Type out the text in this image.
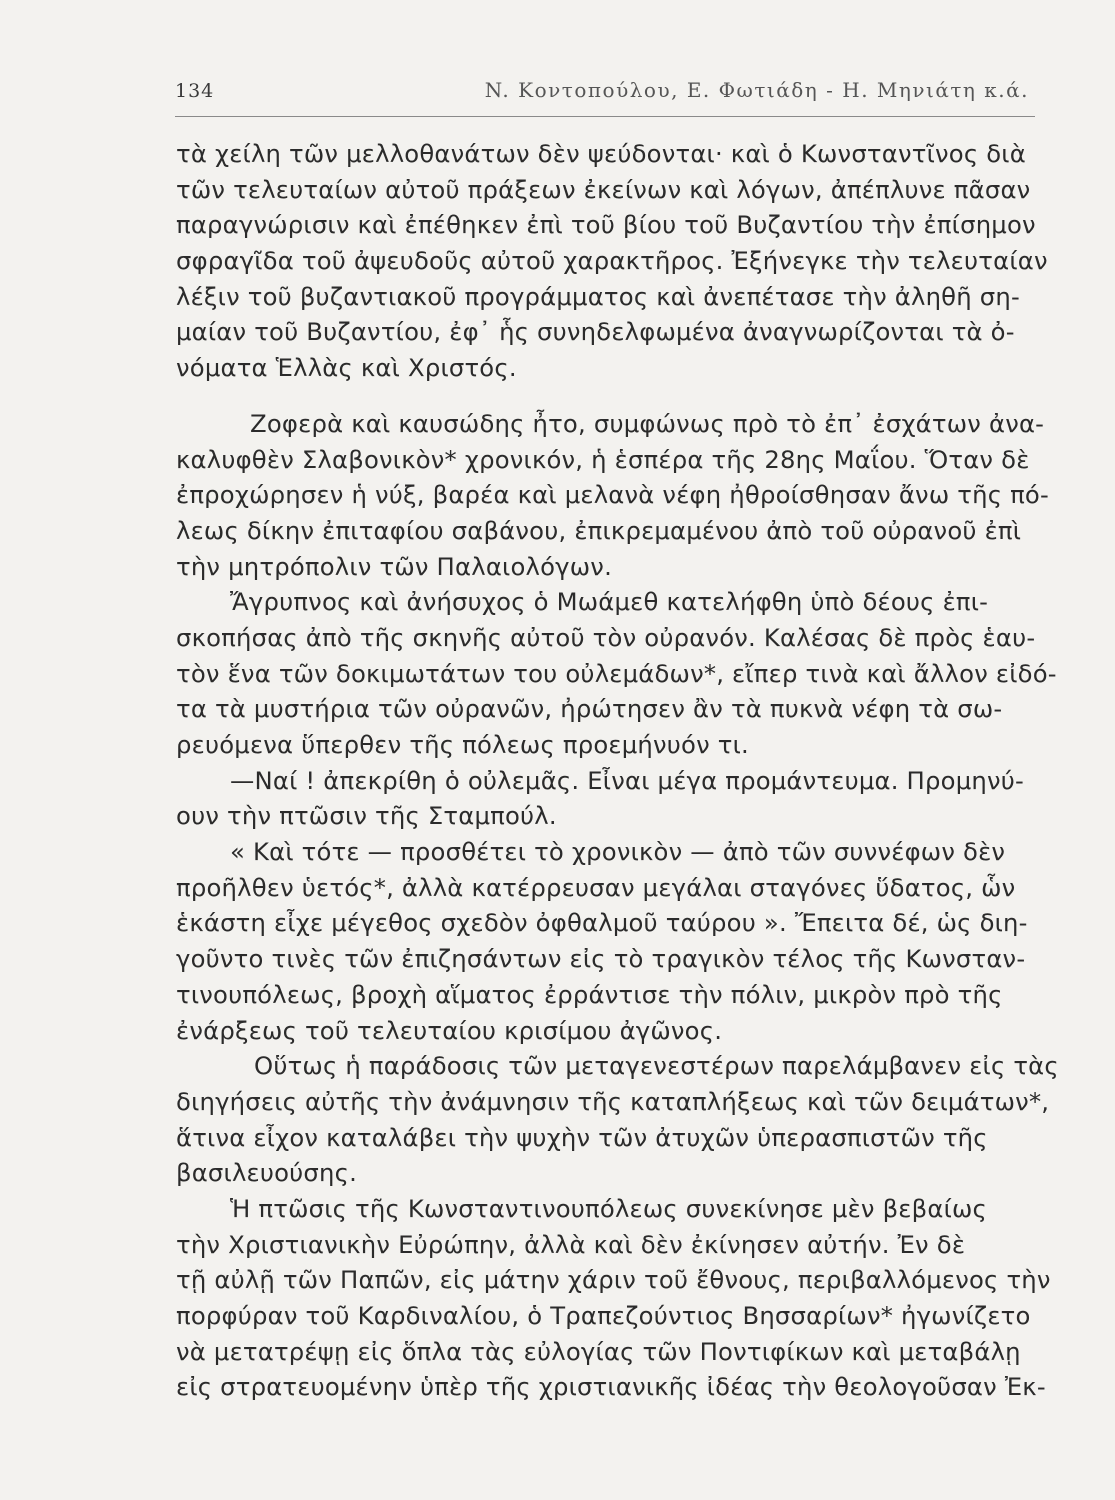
134	N. Κοντοπούλου, Ε. Φωτιάδη - Η. Μηνιάτη κ.ά.
τὰ χείλη τῶν μελλοθανάτων δὲν ψεύδονται· καὶ ὁ Κωνσταντῖνος διὰ
τῶν τελευταίων αὐτοῦ πράξεων ἐκείνων καὶ λόγων, ἀπέπλυνε πᾶσαν
παραγνώρισιν καὶ ἐπέθηκεν ἐπὶ τοῦ βίου τοῦ Βυζαντίου τὴν ἐπίσημον
σφραγῖδα τοῦ ἀψευδοῦς αὐτοῦ χαρακτῆρος. Ἐξήνεγκε τὴν τελευταίαν
λέξιν τοῦ βυζαντιακοῦ προγράμματος καὶ ἀνεπέτασε τὴν ἀληθῆ ση-
μαίαν τοῦ Βυζαντίου, ἐφ᾽ ἧς συνηδελφωμένα ἀναγνωρίζονται τὰ ὀ-
νόματα Ἑλλὰς καὶ Χριστός.
Ζοφερὰ καὶ καυσώδης ἦτο, συμφώνως πρὸ τὸ ἐπ᾽ ἐσχάτων ἀνα-
καλυφθὲν Σλαβονικὸν* χρονικόν, ἡ ἑσπέρα τῆς 28ης Μαΐου. Ὅταν δὲ
ἐπροχώρησεν ἡ νύξ, βαρέα καὶ μελανὰ νέφη ἠθροίσθησαν ἄνω τῆς πό-
λεως δίκην ἐπιταφίου σαβάνου, ἐπικρεμαμένου ἀπὸ τοῦ οὐρανοῦ ἐπὶ
τὴν μητρόπολιν τῶν Παλαιολόγων.
Ἄγρυπνος καὶ ἀνήσυχος ὁ Μωάμεθ κατελήφθη ὑπὸ δέους ἐπι-
σκοπήσας ἀπὸ τῆς σκηνῆς αὐτοῦ τὸν οὐρανόν. Καλέσας δὲ πρὸς ἑαυ-
τὸν ἕνα τῶν δοκιμωτάτων του οὐλεμάδων*, εἴπερ τινὰ καὶ ἄλλον εἰδό-
τα τὰ μυστήρια τῶν οὐρανῶν, ἠρώτησεν ἂν τὰ πυκνὰ νέφη τὰ σω-
ρευόμενα ὕπερθεν τῆς πόλεως προεμήνυόν τι.
—Ναί ! ἀπεκρίθη ὁ οὐλεμᾶς. Εἶναι μέγα προμάντευμα. Προμηνύ-
ουν τὴν πτῶσιν τῆς Σταμπούλ.
« Καὶ τότε — προσθέτει τὸ χρονικὸν — ἀπὸ τῶν συννέφων δὲν
προῆλθεν ὑετός*, ἀλλὰ κατέρρευσαν μεγάλαι σταγόνες ὕδατος, ὧν
ἑκάστη εἶχε μέγεθος σχεδὸν ὀφθαλμοῦ ταύρου ». Ἔπειτα δέ, ὡς διη-
γοῦντο τινὲς τῶν ἐπιζησάντων εἰς τὸ τραγικὸν τέλος τῆς Κωνσταν-
τινουπόλεως, βροχὴ αἵματος ἐρράντισε τὴν πόλιν, μικρὸν πρὸ τῆς
ἐνάρξεως τοῦ τελευταίου κρισίμου ἀγῶνος.
Οὕτως ἡ παράδοσις τῶν μεταγενεστέρων παρελάμβανεν εἰς τὰς
διηγήσεις αὐτῆς τὴν ἀνάμνησιν τῆς καταπλήξεως καὶ τῶν δειμάτων*,
ἅτινα εἶχον καταλάβει τὴν ψυχὴν τῶν ἀτυχῶν ὑπερασπιστῶν τῆς
βασιλευούσης.
Ἡ πτῶσις τῆς Κωνσταντινουπόλεως συνεκίνησε μὲν βεβαίως
τὴν Χριστιανικὴν Εὐρώπην, ἀλλὰ καὶ δὲν ἐκίνησεν αὐτήν. Ἐν δὲ
τῇ αὐλῇ τῶν Παπῶν, εἰς μάτην χάριν τοῦ ἔθνους, περιβαλλόμενος τὴν
πορφύραν τοῦ Καρδιναλίου, ὁ Τραπεζούντιος Βησσαρίων* ἠγωνίζετο
νὰ μετατρέψῃ εἰς ὅπλα τὰς εὐλογίας τῶν Ποντιφίκων καὶ μεταβάλῃ
εἰς στρατευομένην ὑπὲρ τῆς χριστιανικῆς ἰδέας τὴν θεολογοῦσαν Ἐκ-
